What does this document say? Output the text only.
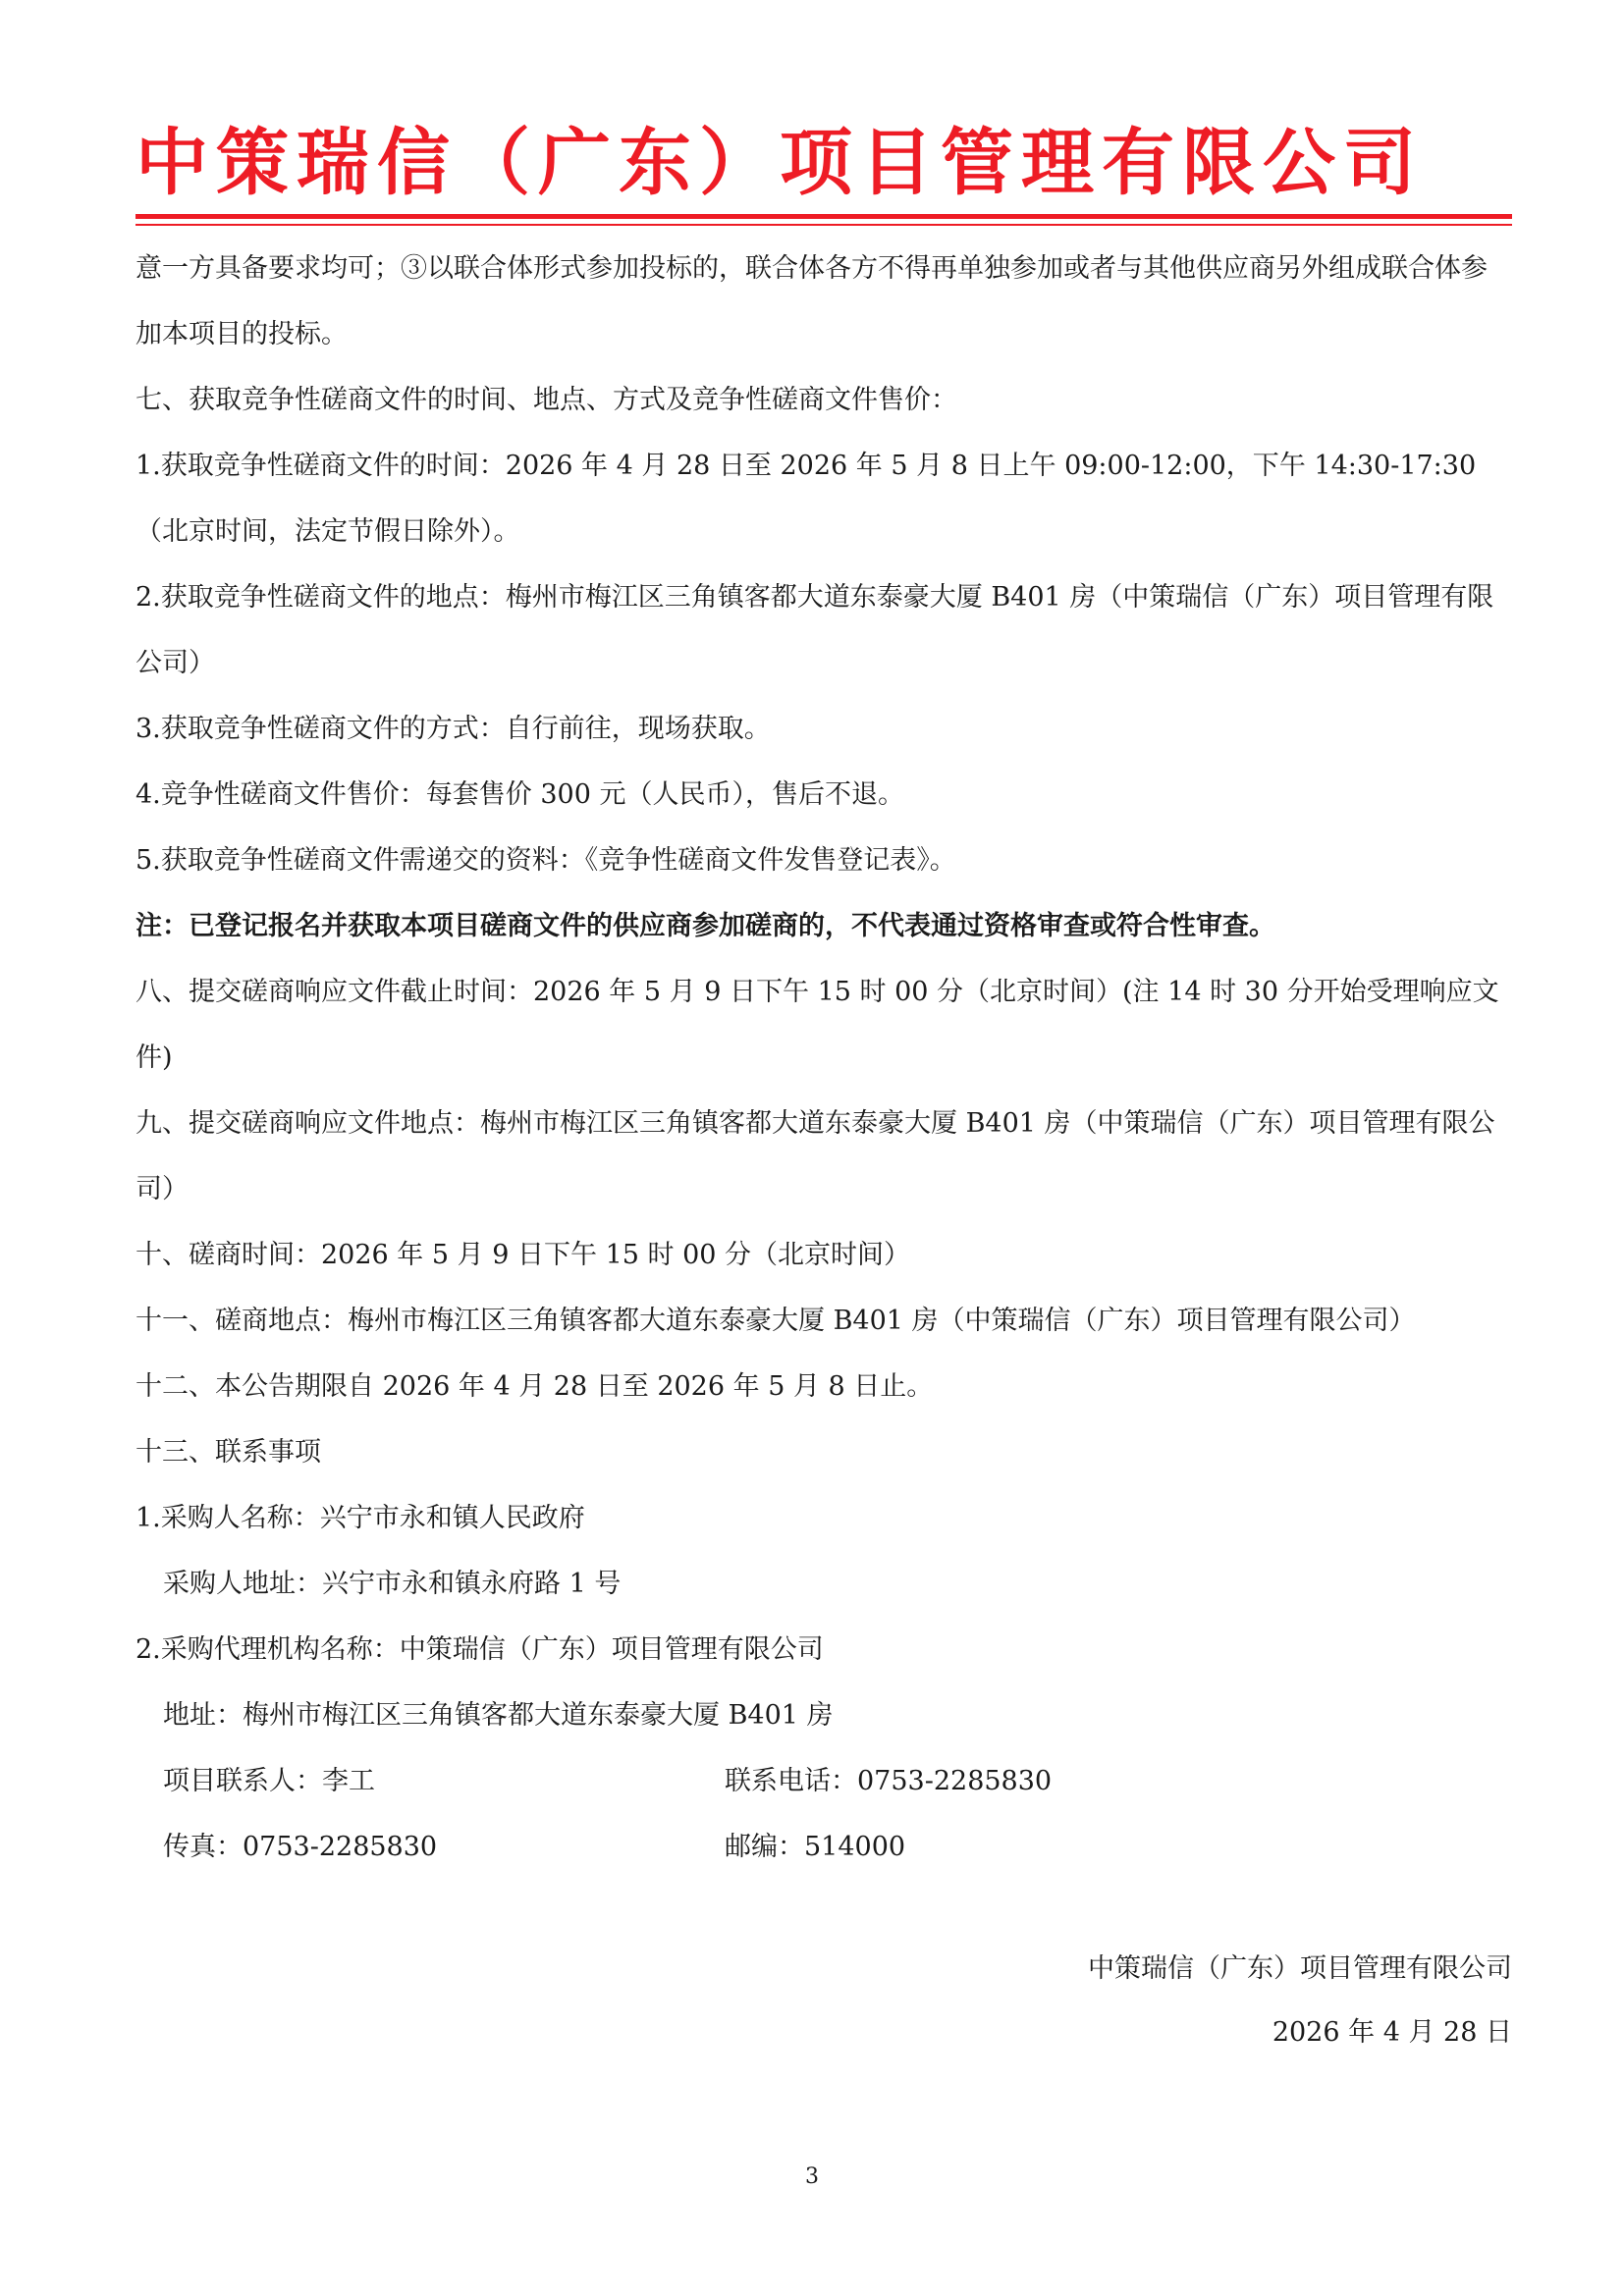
中策瑞信（广东）项目管理有限公司

意一方具备要求均可；③以联合体形式参加投标的，联合体各方不得再单独参加或者与其他供应商另外组成联合体参加本项目的投标。

七、获取竞争性磋商文件的时间、地点、方式及竞争性磋商文件售价：

1.获取竞争性磋商文件的时间：2026 年 4 月 28 日至 2026 年 5 月 8 日上午 09:00-12:00，下午 14:30-17:30（北京时间，法定节假日除外）。

2.获取竞争性磋商文件的地点：梅州市梅江区三角镇客都大道东泰豪大厦 B401 房（中策瑞信（广东）项目管理有限公司）

3.获取竞争性磋商文件的方式：自行前往，现场获取。

4.竞争性磋商文件售价：每套售价 300 元（人民币），售后不退。

5.获取竞争性磋商文件需递交的资料：《竞争性磋商文件发售登记表》。

注：已登记报名并获取本项目磋商文件的供应商参加磋商的，不代表通过资格审查或符合性审查。

八、提交磋商响应文件截止时间：2026 年 5 月 9 日下午 15 时 00 分（北京时间）(注 14 时 30 分开始受理响应文件)

九、提交磋商响应文件地点：梅州市梅江区三角镇客都大道东泰豪大厦 B401 房（中策瑞信（广东）项目管理有限公司）

十、磋商时间：2026 年 5 月 9 日下午 15 时 00 分（北京时间）

十一、磋商地点：梅州市梅江区三角镇客都大道东泰豪大厦 B401 房（中策瑞信（广东）项目管理有限公司）

十二、本公告期限自 2026 年 4 月 28 日至 2026 年 5 月 8 日止。

十三、联系事项

1.采购人名称：兴宁市永和镇人民政府

采购人地址：兴宁市永和镇永府路 1 号

2.采购代理机构名称：中策瑞信（广东）项目管理有限公司

地址：梅州市梅江区三角镇客都大道东泰豪大厦 B401 房

项目联系人：李工	联系电话：0753-2285830
传真：0753-2285830	邮编：514000
中策瑞信（广东）项目管理有限公司
2026 年 4 月 28 日
3
